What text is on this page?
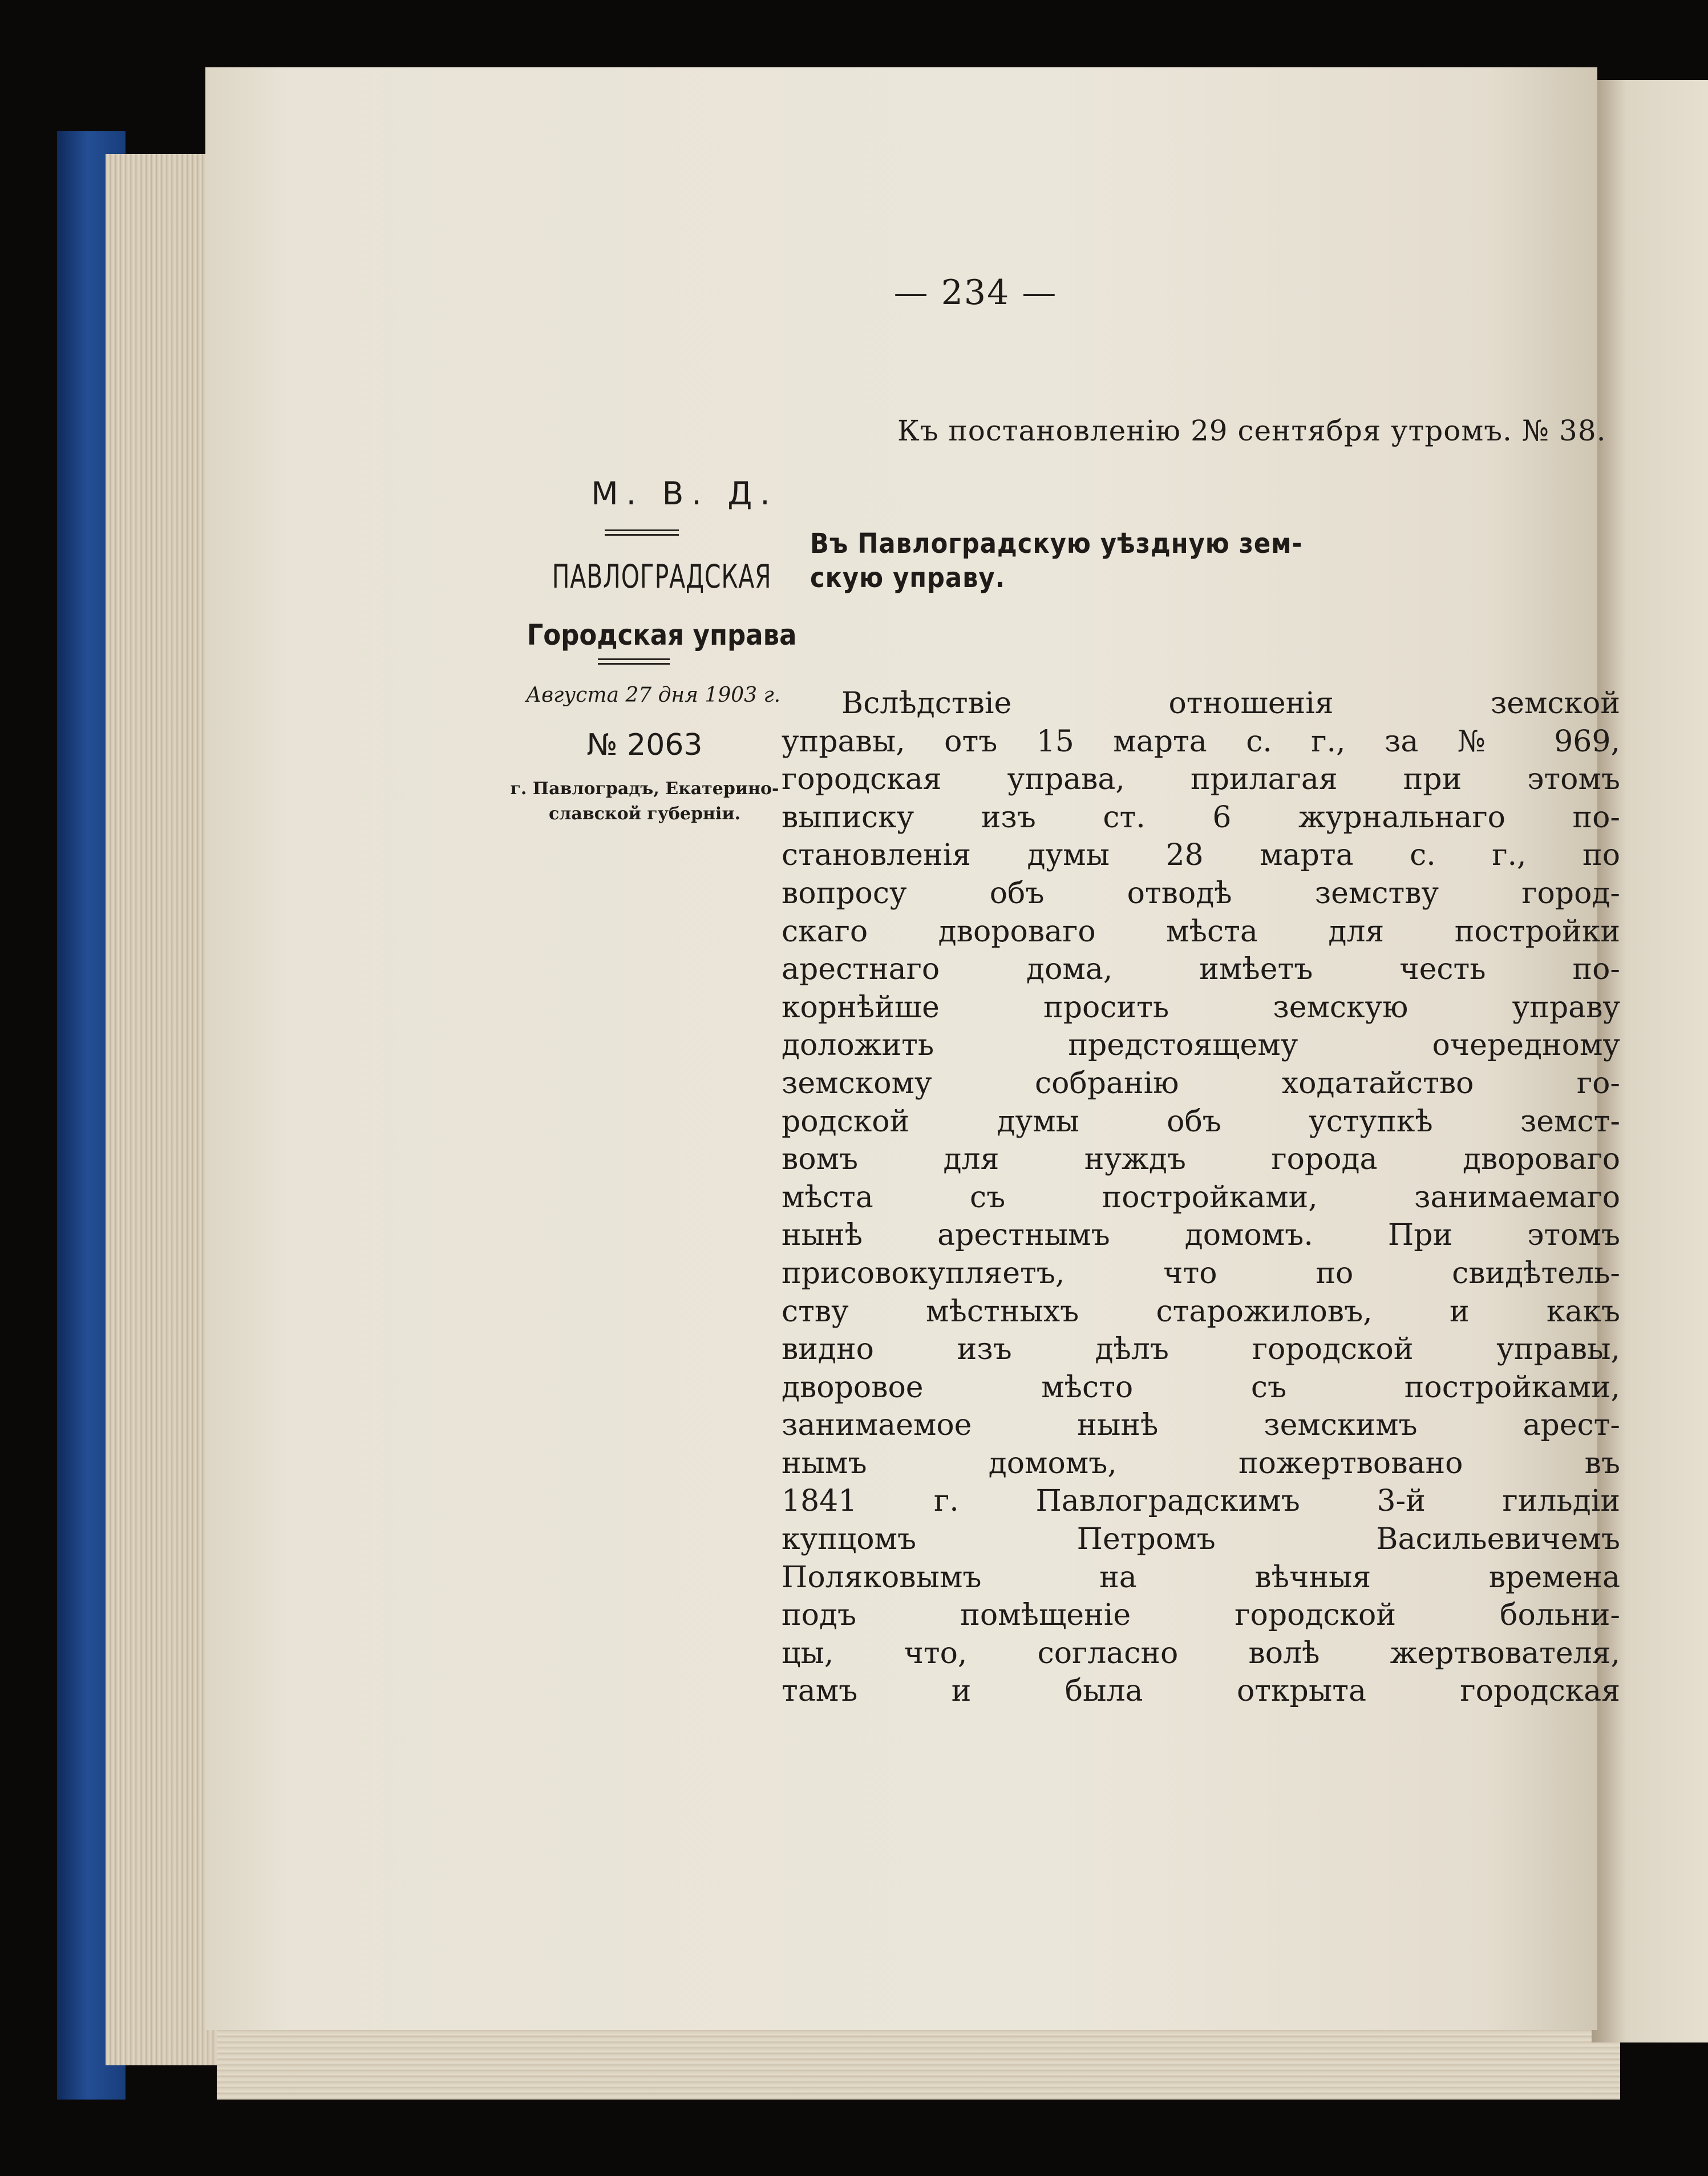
— 234 —
Къ постановленію 29 сентября утромъ. № 38.
М. В. Д.
ПАВЛОГРАДСКАЯ
Городская управа
Августа 27 дня 1903 г.
№ 2063
г. Павлоградъ, Екатерино-
славской губерніи.
Въ Павлоградскую уѣздную зем-
скую управу.
Вслѣдствіе отношенія земской
управы, отъ 15 марта с. г., за № 969,
городская управа, прилагая при этомъ
выписку изъ ст. 6 журнальнаго по-
становленія думы 28 марта с. г., по
вопросу объ отводѣ земству город-
скаго двороваго мѣста для постройки
арестнаго дома, имѣетъ честь по-
корнѣйше просить земскую управу
доложить предстоящему очередному
земскому собранію ходатайство го-
родской думы объ уступкѣ земст-
вомъ для нуждъ города двороваго
мѣста съ постройками, занимаемаго
нынѣ арестнымъ домомъ. При этомъ
присовокупляетъ, что по свидѣтель-
ству мѣстныхъ старожиловъ, и какъ
видно изъ дѣлъ городской управы,
дворовое мѣсто съ постройками,
занимаемое нынѣ земскимъ арест-
нымъ домомъ, пожертвовано въ
1841 г. Павлоградскимъ 3-й гильдіи
купцомъ Петромъ Васильевичемъ
Поляковымъ на вѣчныя времена
подъ помѣщеніе городской больни-
цы, что, согласно волѣ жертвователя,
тамъ и была открыта городская
